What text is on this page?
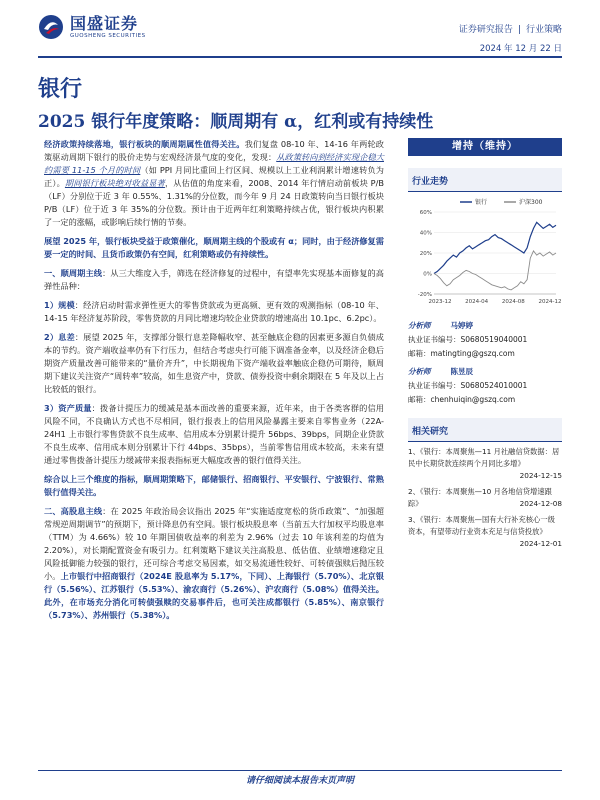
国盛证券
GUOSHENG SECURITIES
证券研究报告 | 行业策略
2024 年 12 月 22 日
银行
2025 银行年度策略：顺周期有 α，红利或有持续性

经济政策持续落地，银行板块的顺周期属性值得关注。我们复盘 08-10 年、14-16 年两轮政策驱动周期下银行的股价走势与宏观经济景气度的变化，发现：从政策转向到经济实现企稳大约需要 11-15 个月的时间（如 PPI 月同比重回上行区间、规模以上工业利润累计增速转负为正）。期间银行板块绝对收益显著，从估值的角度来看，2008、2014 年行情启动前板块 P/B（LF）分别位于近 3 年 0.55%、1.31%的分位数，而今年 9 月 24 日政策转向当日银行板块 P/B（LF）位于近 3 年 35%的分位数。预计由于近两年红利策略持续占优，银行板块内积累了一定的涨幅，或影响后续行情的节奏。

展望 2025 年，银行板块受益于政策催化，顺周期主线的个股或有 α；同时，由于经济修复需要一定的时间、且货币政策仍有空间，红利策略或仍有持续性。

一、顺周期主线：从三大维度入手，筛选在经济修复的过程中，有望率先实现基本面修复的高弹性品种：

1）规模：经济启动时需求弹性更大的零售贷款或为更高频、更有效的观测指标（08-10 年、14-15 年经济复苏阶段，零售贷款的月同比增速均较企业贷款的增速高出 10.1pc、6.2pc）。

2）息差：展望 2025 年，支撑部分银行息差降幅收窄、甚至触底企稳的因素更多源自负债成本的节约。资产端收益率仍有下行压力，但结合考虑央行可能下调准备金率，以及经济企稳后期资产质量改善可能带来的“量价齐升”，中长期视角下资产端收益率触底企稳仍可期待，顺周期下建议关注资产“周转率”较高，如生息资产中，贷款、债券投资中剩余期限在 5 年及以上占比较低的银行。

3）资产质量：拨备计提压力的缓减是基本面改善的重要来源，近年来，由于各类客群的信用风险不同，不良确认方式也不尽相同，银行报表上的信用风险暴露主要来自零售业务（22A-24H1 上市银行零售贷款不良生成率、信用成本分别累计提升 56bps、39bps，同期企业贷款不良生成率、信用成本则分别累计下行 44bps、35bps），当前零售信用成本较高，未来有望通过零售拨备计提压力缓减带来报表指标更大幅度改善的银行值得关注。

综合以上三个维度的指标，顺周期策略下，邮储银行、招商银行、平安银行、宁波银行、常熟银行值得关注。

二、高股息主线：在 2025 年政治局会议指出 2025 年“实施适度宽松的货币政策”、“加强超常规逆周期调节”的预期下，预计降息仍有空间。银行板块股息率（当前五大行加权平均股息率（TTM）为 4.66%）较 10 年期国债收益率的利差为 2.96%（过去 10 年该利差的均值为 2.20%），对长期配置资金有吸引力。红利策略下建议关注高股息、低估值、业绩增速稳定且风险抵御能力较强的银行，还可综合考虑交易因素，如交易流通性较好、可转债强赎后抛压较小。上市银行中招商银行（2024E 股息率为 5.17%，下同）、上海银行（5.70%）、北京银行（5.56%）、江苏银行（5.53%）、渝农商行（5.26%）、沪农商行（5.08%）值得关注。此外，在市场充分消化可转债强赎的交易事件后，也可关注成都银行（5.85%）、南京银行（5.73%）、苏州银行（5.38%）。

增持（维持）
行业走势
-20%
0%
20%
40%
60%
2023-12 2024-04 2024-08 2024-12
银行	沪深300
分析师	马婷婷
执业证书编号：S0680519040001
邮箱：matingting@gszq.com
分析师	陈昱辰
执业证书编号：S0680524010001
邮箱：chenhuiqin@gszq.com
相关研究
1、《银行：本周聚焦—11 月社融信贷数据：居民中长期贷款连续两个月同比多增》
2024-12-15
2、《银行：本周聚焦—10 月各地信贷增速跟踪》	2024-12-08
3、《银行：本周聚焦—国有大行补充核心一级资本，有望带动行业资本充足与信贷投放》
2024-12-01
请仔细阅读本报告末页声明
